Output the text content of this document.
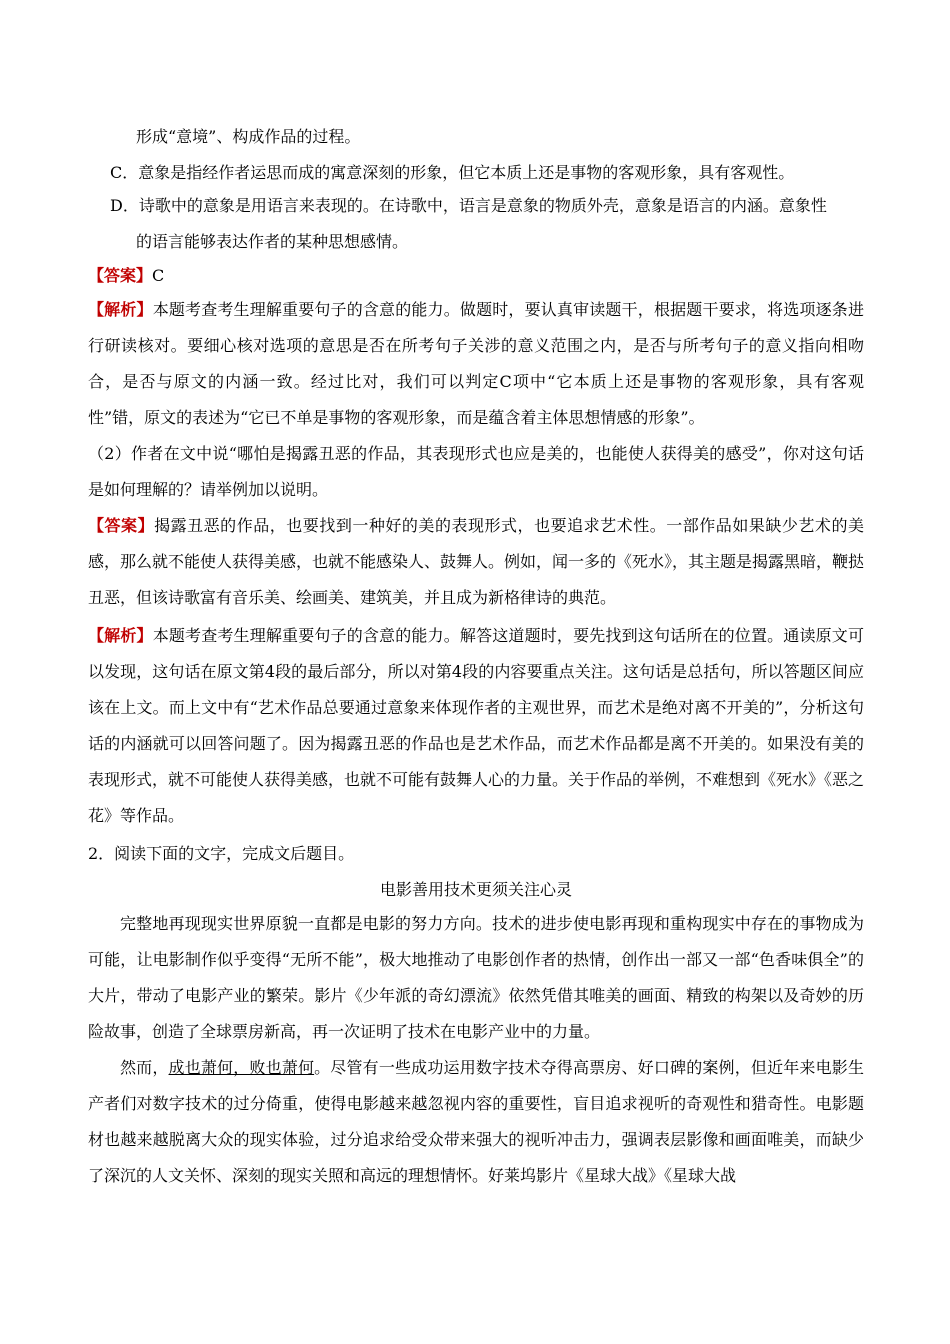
形成“意境”、构成作品的过程。

C．意象是指经作者运思而成的寓意深刻的形象，但它本质上还是事物的客观形象，具有客观性。

D．诗歌中的意象是用语言来表现的。在诗歌中，语言是意象的物质外壳，意象是语言的内涵。意象性

的语言能够表达作者的某种思想感情。

【答案】C

【解析】本题考查考生理解重要句子的含意的能力。做题时，要认真审读题干，根据题干要求，将选项逐条进行研读核对。要细心核对选项的意思是否在所考句子关涉的意义范围之内，是否与所考句子的意义指向相吻合，是否与原文的内涵一致。经过比对，我们可以判定C项中“它本质上还是事物的客观形象，具有客观性”错，原文的表述为“它已不单是事物的客观形象，而是蕴含着主体思想情感的形象”。

（2）作者在文中说“哪怕是揭露丑恶的作品，其表现形式也应是美的，也能使人获得美的感受”，你对这句话是如何理解的？请举例加以说明。

【答案】揭露丑恶的作品，也要找到一种好的美的表现形式，也要追求艺术性。一部作品如果缺少艺术的美感，那么就不能使人获得美感，也就不能感染人、鼓舞人。例如，闻一多的《死水》，其主题是揭露黑暗，鞭挞丑恶，但该诗歌富有音乐美、绘画美、建筑美，并且成为新格律诗的典范。

【解析】本题考查考生理解重要句子的含意的能力。解答这道题时，要先找到这句话所在的位置。通读原文可以发现，这句话在原文第4段的最后部分，所以对第4段的内容要重点关注。这句话是总括句，所以答题区间应该在上文。而上文中有“艺术作品总要通过意象来体现作者的主观世界，而艺术是绝对离不开美的”，分析这句话的内涵就可以回答问题了。因为揭露丑恶的作品也是艺术作品，而艺术作品都是离不开美的。如果没有美的表现形式，就不可能使人获得美感，也就不可能有鼓舞人心的力量。关于作品的举例，不难想到《死水》《恶之花》等作品。

2．阅读下面的文字，完成文后题目。

电影善用技术更须关注心灵

完整地再现现实世界原貌一直都是电影的努力方向。技术的进步使电影再现和重构现实中存在的事物成为可能，让电影制作似乎变得“无所不能”，极大地推动了电影创作者的热情，创作出一部又一部“色香味俱全”的大片，带动了电影产业的繁荣。影片《少年派的奇幻漂流》依然凭借其唯美的画面、精致的构架以及奇妙的历险故事，创造了全球票房新高，再一次证明了技术在电影产业中的力量。

然而，成也萧何，败也萧何。尽管有一些成功运用数字技术夺得高票房、好口碑的案例，但近年来电影生产者们对数字技术的过分倚重，使得电影越来越忽视内容的重要性，盲目追求视听的奇观性和猎奇性。电影题材也越来越脱离大众的现实体验，过分追求给受众带来强大的视听冲击力，强调表层影像和画面唯美，而缺少了深沉的人文关怀、深刻的现实关照和高远的理想情怀。好莱坞影片《星球大战》《星球大战
